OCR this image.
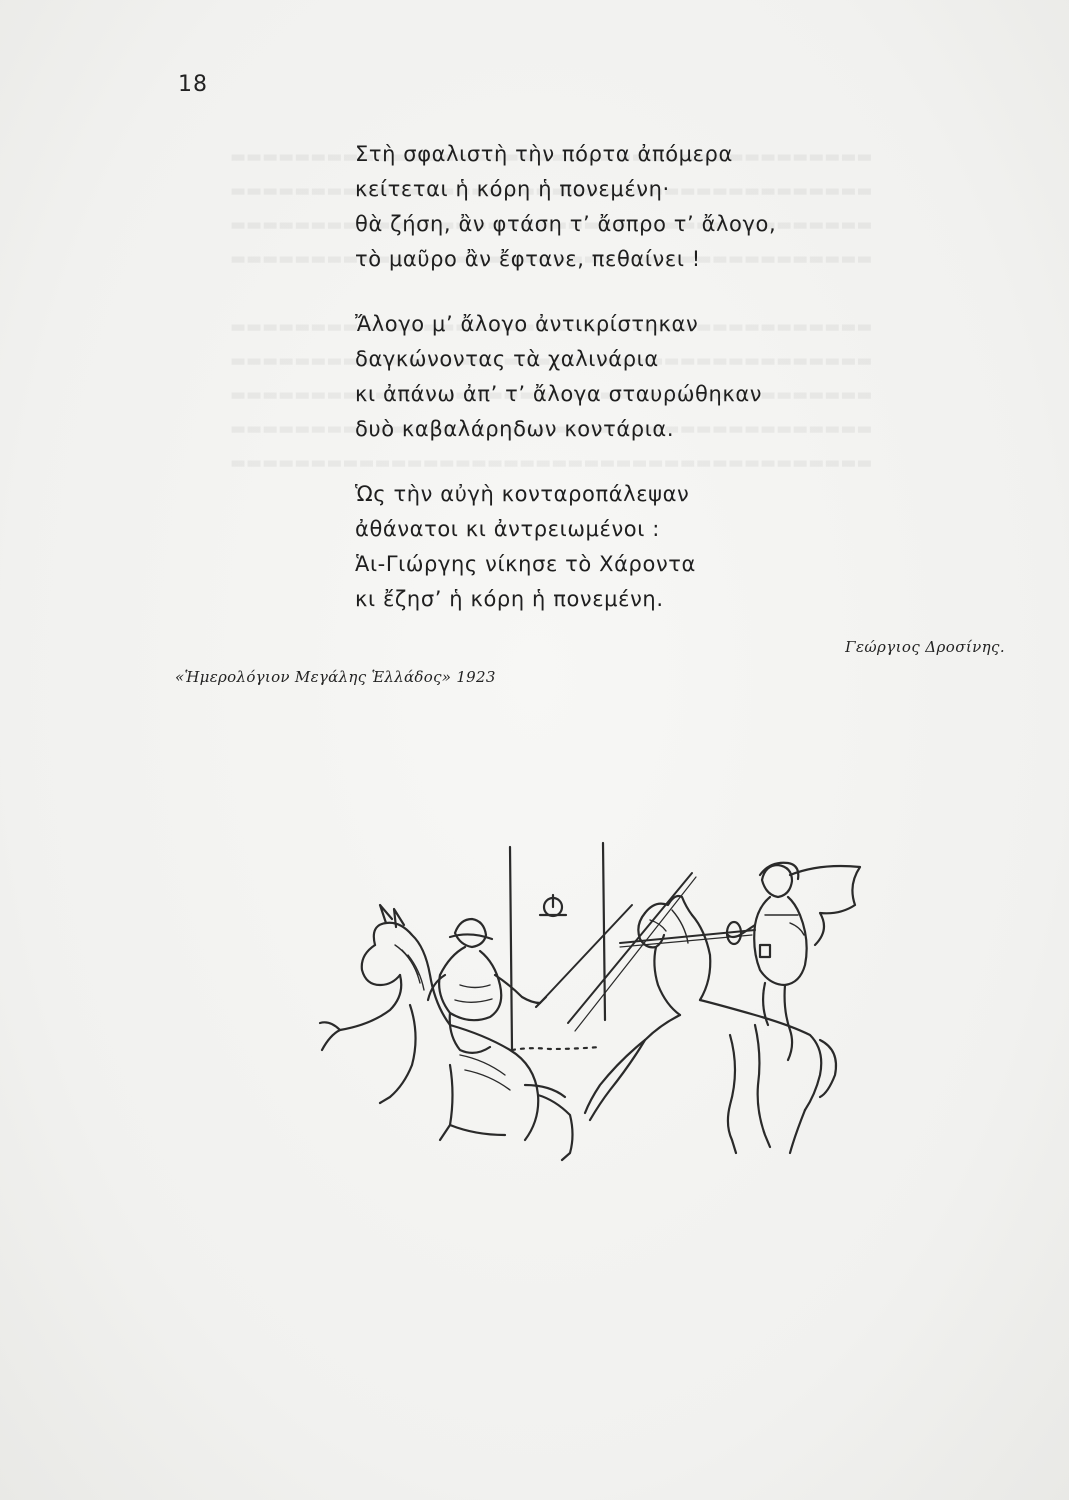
18
Στὴ σφαλιστὴ τὴν πόρτα ἀπόμερα
κείτεται ἡ κόρη ἡ πονεμένη·
θὰ ζήση, ἂν φτάση τ’ ἄσπρο τ’ ἄλογο,
τὸ μαῦρο ἂν ἔφτανε, πεθαίνει !
Ἄλογο μ’ ἄλογο ἀντικρίστηκαν
δαγκώνοντας τὰ χαλινάρια
κι ἀπάνω ἀπ’ τ’ ἄλογα σταυρώθηκαν
δυὸ καβαλάρηδων κοντάρια.
Ὡς τὴν αὐγὴ κονταροπάλεψαν
ἀθάνατοι κι ἀντρειωμένοι :
Ἁι-Γιώργης νίκησε τὸ Χάροντα
κι ἔζησ’ ἡ κόρη ἡ πονεμένη.
Γεώργιος Δροσίνης.
«Ἡμερολόγιον Μεγάλης Ἑλλάδος» 1923
